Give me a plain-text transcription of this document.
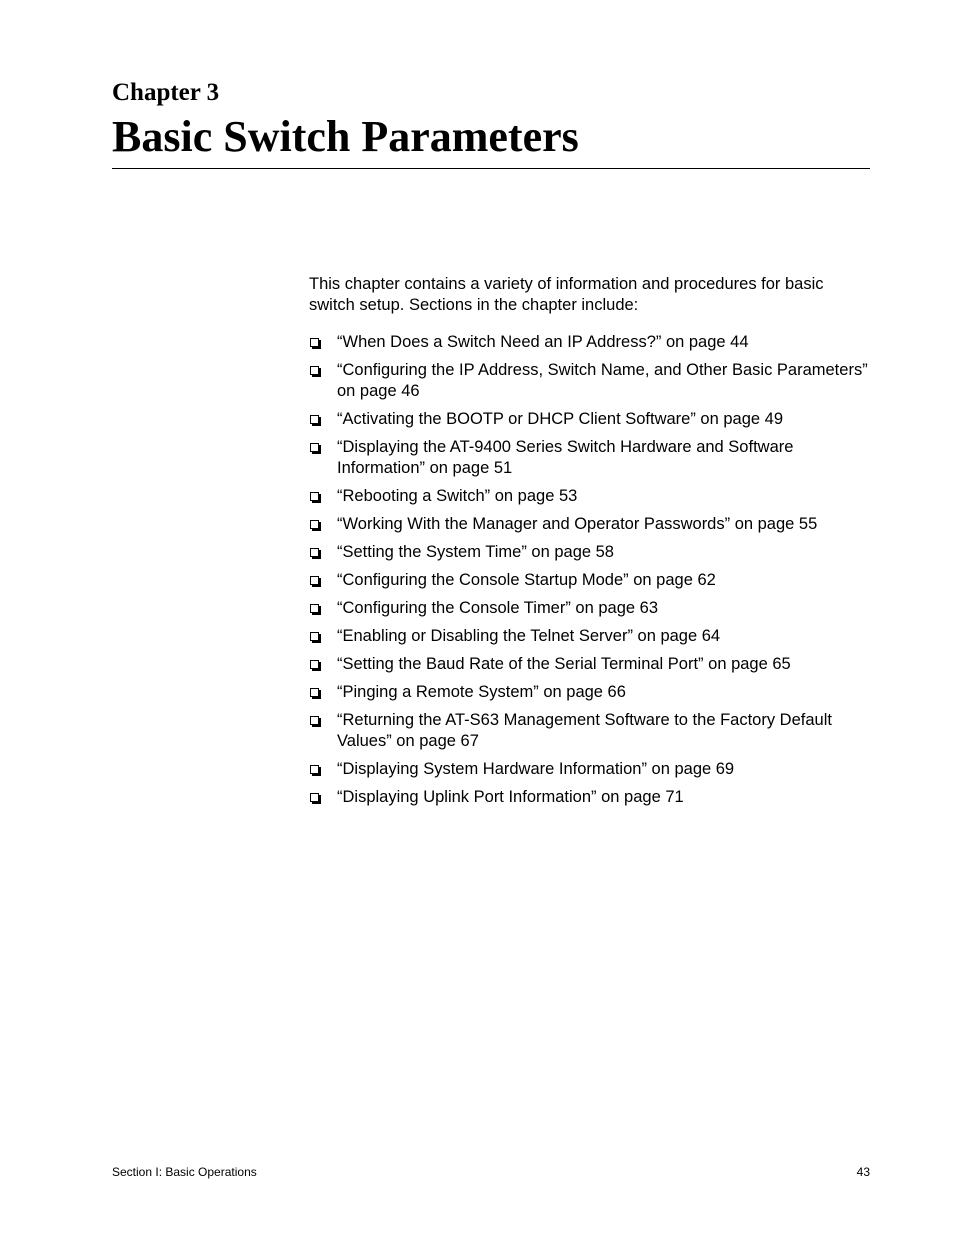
Chapter 3
Basic Switch Parameters

This chapter contains a variety of information and procedures for basic switch setup. Sections in the chapter include:

“When Does a Switch Need an IP Address?” on page 44
“Configuring the IP Address, Switch Name, and Other Basic Parameters” on page 46
“Activating the BOOTP or DHCP Client Software” on page 49
“Displaying the AT-9400 Series Switch Hardware and Software Information” on page 51
“Rebooting a Switch” on page 53
“Working With the Manager and Operator Passwords” on page 55
“Setting the System Time” on page 58
“Configuring the Console Startup Mode” on page 62
“Configuring the Console Timer” on page 63
“Enabling or Disabling the Telnet Server” on page 64
“Setting the Baud Rate of the Serial Terminal Port” on page 65
“Pinging a Remote System” on page 66
“Returning the AT-S63 Management Software to the Factory Default Values” on page 67
“Displaying System Hardware Information” on page 69
“Displaying Uplink Port Information” on page 71

Section I: Basic Operations	43
